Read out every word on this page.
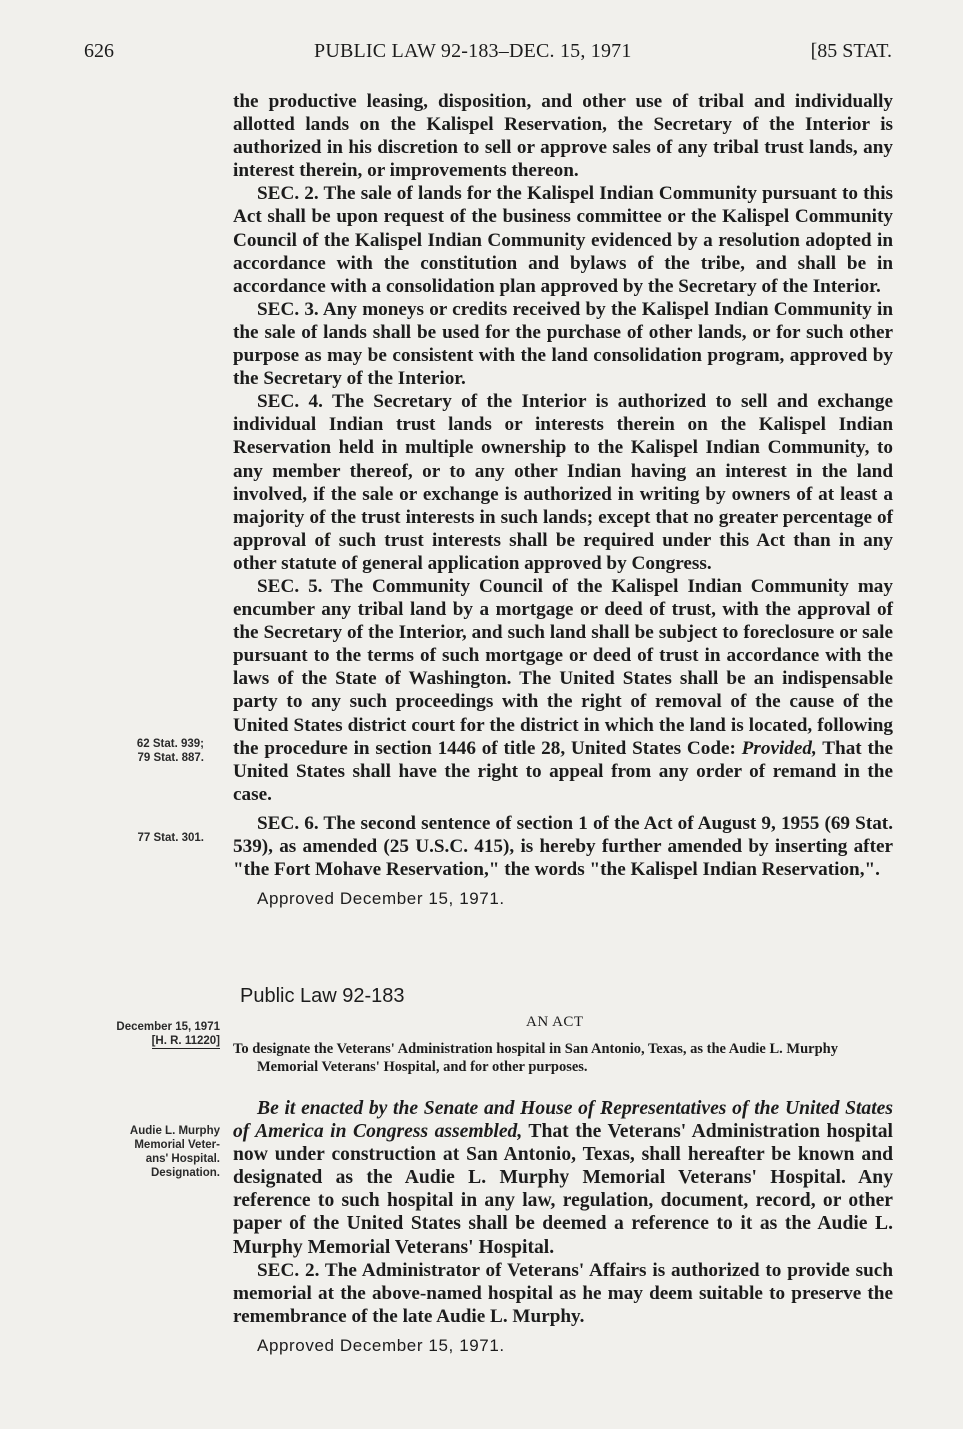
626	PUBLIC LAW 92-183–DEC. 15, 1971	[85 STAT.

the productive leasing, disposition, and other use of tribal and individually allotted lands on the Kalispel Reservation, the Secretary of the Interior is authorized in his discretion to sell or approve sales of any tribal trust lands, any interest therein, or improvements thereon.

SEC. 2. The sale of lands for the Kalispel Indian Community pursuant to this Act shall be upon request of the business committee or the Kalispel Community Council of the Kalispel Indian Community evidenced by a resolution adopted in accordance with the constitution and bylaws of the tribe, and shall be in accordance with a consolidation plan approved by the Secretary of the Interior.

SEC. 3. Any moneys or credits received by the Kalispel Indian Community in the sale of lands shall be used for the purchase of other lands, or for such other purpose as may be consistent with the land consolidation program, approved by the Secretary of the Interior.

SEC. 4. The Secretary of the Interior is authorized to sell and exchange individual Indian trust lands or interests therein on the Kalispel Indian Reservation held in multiple ownership to the Kalispel Indian Community, to any member thereof, or to any other Indian having an interest in the land involved, if the sale or exchange is authorized in writing by owners of at least a majority of the trust interests in such lands; except that no greater percentage of approval of such trust interests shall be required under this Act than in any other statute of general application approved by Congress.

SEC. 5. The Community Council of the Kalispel Indian Community may encumber any tribal land by a mortgage or deed of trust, with the approval of the Secretary of the Interior, and such land shall be subject to foreclosure or sale pursuant to the terms of such mortgage or deed of trust in accordance with the laws of the State of Washington. The United States shall be an indispensable party to any such proceedings with the right of removal of the cause of the United States district court for the district in which the land is located, following the procedure in section 1446 of title 28, United States Code: Provided, That the United States shall have the right to appeal from any order of remand in the case.

SEC. 6. The second sentence of section 1 of the Act of August 9, 1955 (69 Stat. 539), as amended (25 U.S.C. 415), is hereby further amended by inserting after "the Fort Mohave Reservation," the words "the Kalispel Indian Reservation,".

Approved December 15, 1971.

62 Stat. 939;
79 Stat. 887.
77 Stat. 301.
Public Law 92-183
December 15, 1971
[H. R. 11220]
AN ACT

To designate the Veterans' Administration hospital in San Antonio, Texas, as the Audie L. Murphy Memorial Veterans' Hospital, and for other purposes.

Be it enacted by the Senate and House of Representatives of the United States of America in Congress assembled, That the Veterans' Administration hospital now under construction at San Antonio, Texas, shall hereafter be known and designated as the Audie L. Murphy Memorial Veterans' Hospital. Any reference to such hospital in any law, regulation, document, record, or other paper of the United States shall be deemed a reference to it as the Audie L. Murphy Memorial Veterans' Hospital.

SEC. 2. The Administrator of Veterans' Affairs is authorized to provide such memorial at the above-named hospital as he may deem suitable to preserve the remembrance of the late Audie L. Murphy.

Approved December 15, 1971.

Audie L. Murphy
Memorial Veter-
ans' Hospital.
Designation.
